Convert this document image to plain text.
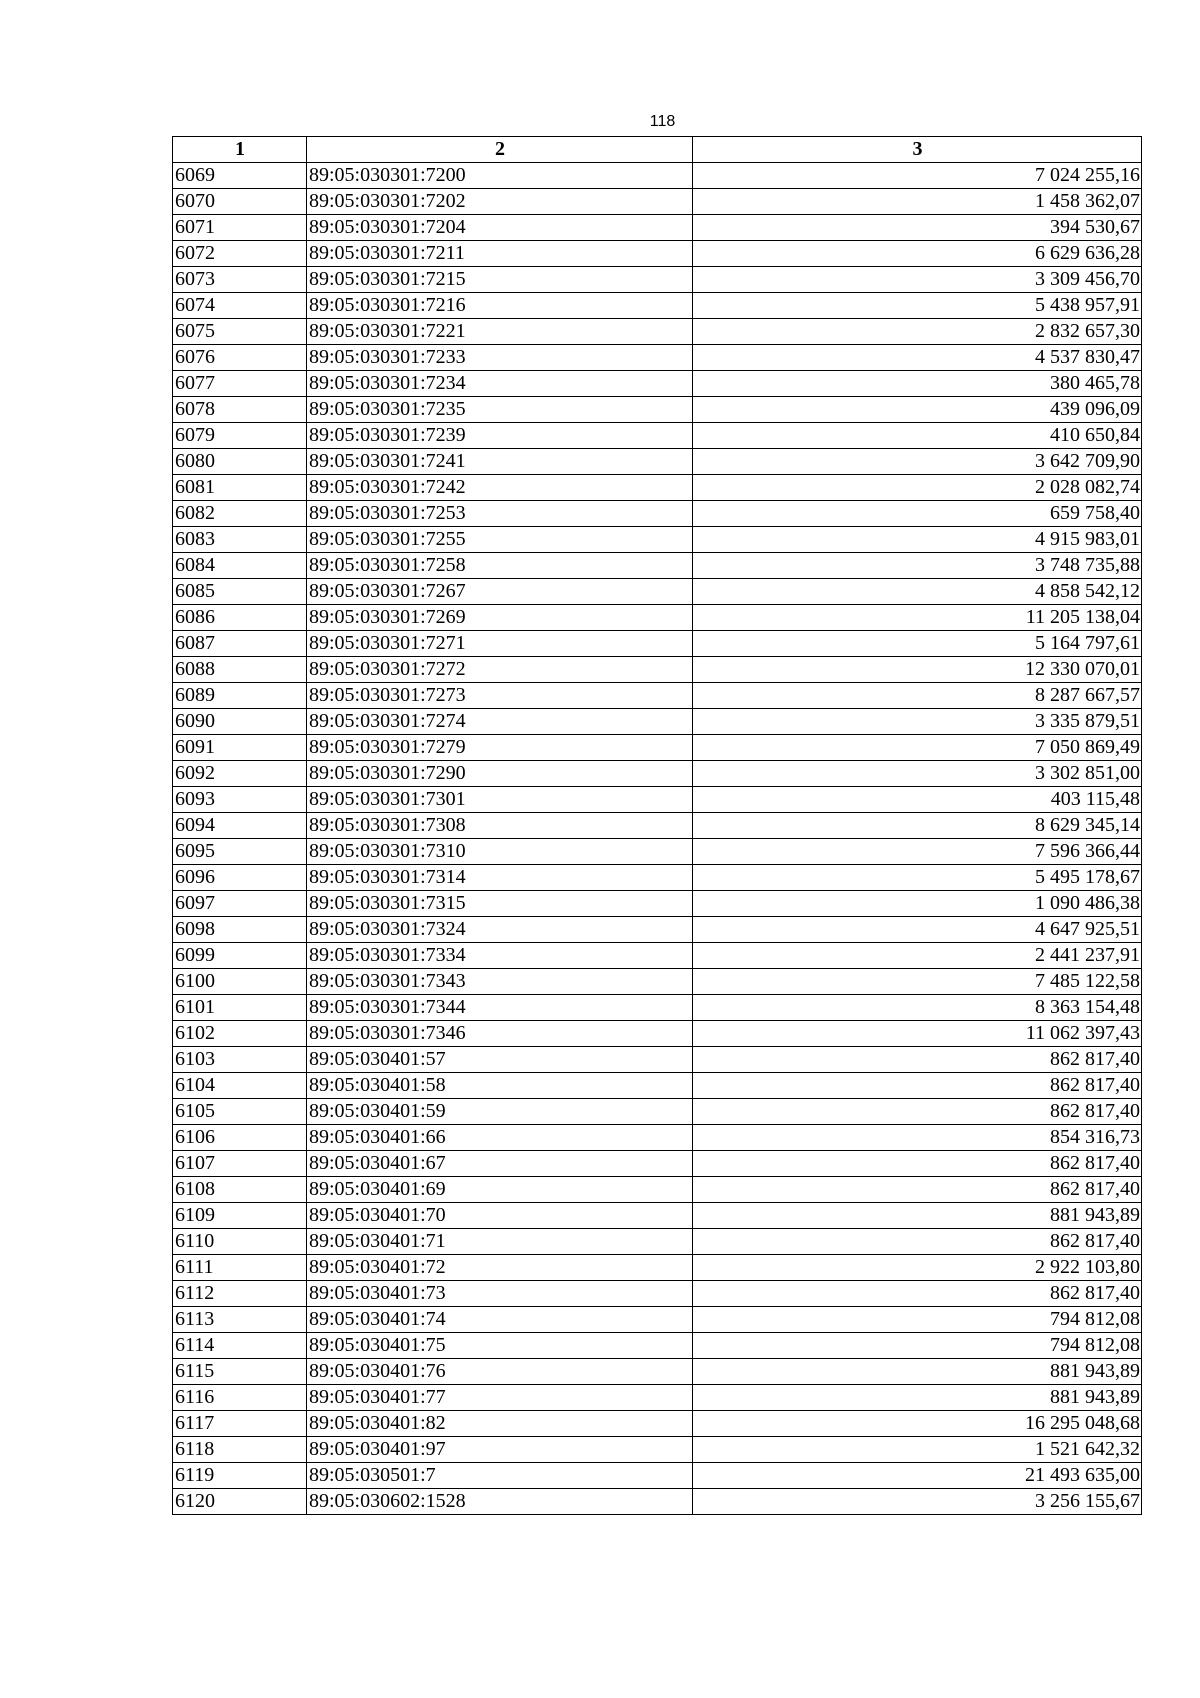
118
1	2	3
6069	89:05:030301:7200	7 024 255,16
6070	89:05:030301:7202	1 458 362,07
6071	89:05:030301:7204	394 530,67
6072	89:05:030301:7211	6 629 636,28
6073	89:05:030301:7215	3 309 456,70
6074	89:05:030301:7216	5 438 957,91
6075	89:05:030301:7221	2 832 657,30
6076	89:05:030301:7233	4 537 830,47
6077	89:05:030301:7234	380 465,78
6078	89:05:030301:7235	439 096,09
6079	89:05:030301:7239	410 650,84
6080	89:05:030301:7241	3 642 709,90
6081	89:05:030301:7242	2 028 082,74
6082	89:05:030301:7253	659 758,40
6083	89:05:030301:7255	4 915 983,01
6084	89:05:030301:7258	3 748 735,88
6085	89:05:030301:7267	4 858 542,12
6086	89:05:030301:7269	11 205 138,04
6087	89:05:030301:7271	5 164 797,61
6088	89:05:030301:7272	12 330 070,01
6089	89:05:030301:7273	8 287 667,57
6090	89:05:030301:7274	3 335 879,51
6091	89:05:030301:7279	7 050 869,49
6092	89:05:030301:7290	3 302 851,00
6093	89:05:030301:7301	403 115,48
6094	89:05:030301:7308	8 629 345,14
6095	89:05:030301:7310	7 596 366,44
6096	89:05:030301:7314	5 495 178,67
6097	89:05:030301:7315	1 090 486,38
6098	89:05:030301:7324	4 647 925,51
6099	89:05:030301:7334	2 441 237,91
6100	89:05:030301:7343	7 485 122,58
6101	89:05:030301:7344	8 363 154,48
6102	89:05:030301:7346	11 062 397,43
6103	89:05:030401:57	862 817,40
6104	89:05:030401:58	862 817,40
6105	89:05:030401:59	862 817,40
6106	89:05:030401:66	854 316,73
6107	89:05:030401:67	862 817,40
6108	89:05:030401:69	862 817,40
6109	89:05:030401:70	881 943,89
6110	89:05:030401:71	862 817,40
6111	89:05:030401:72	2 922 103,80
6112	89:05:030401:73	862 817,40
6113	89:05:030401:74	794 812,08
6114	89:05:030401:75	794 812,08
6115	89:05:030401:76	881 943,89
6116	89:05:030401:77	881 943,89
6117	89:05:030401:82	16 295 048,68
6118	89:05:030401:97	1 521 642,32
6119	89:05:030501:7	21 493 635,00
6120	89:05:030602:1528	3 256 155,67
